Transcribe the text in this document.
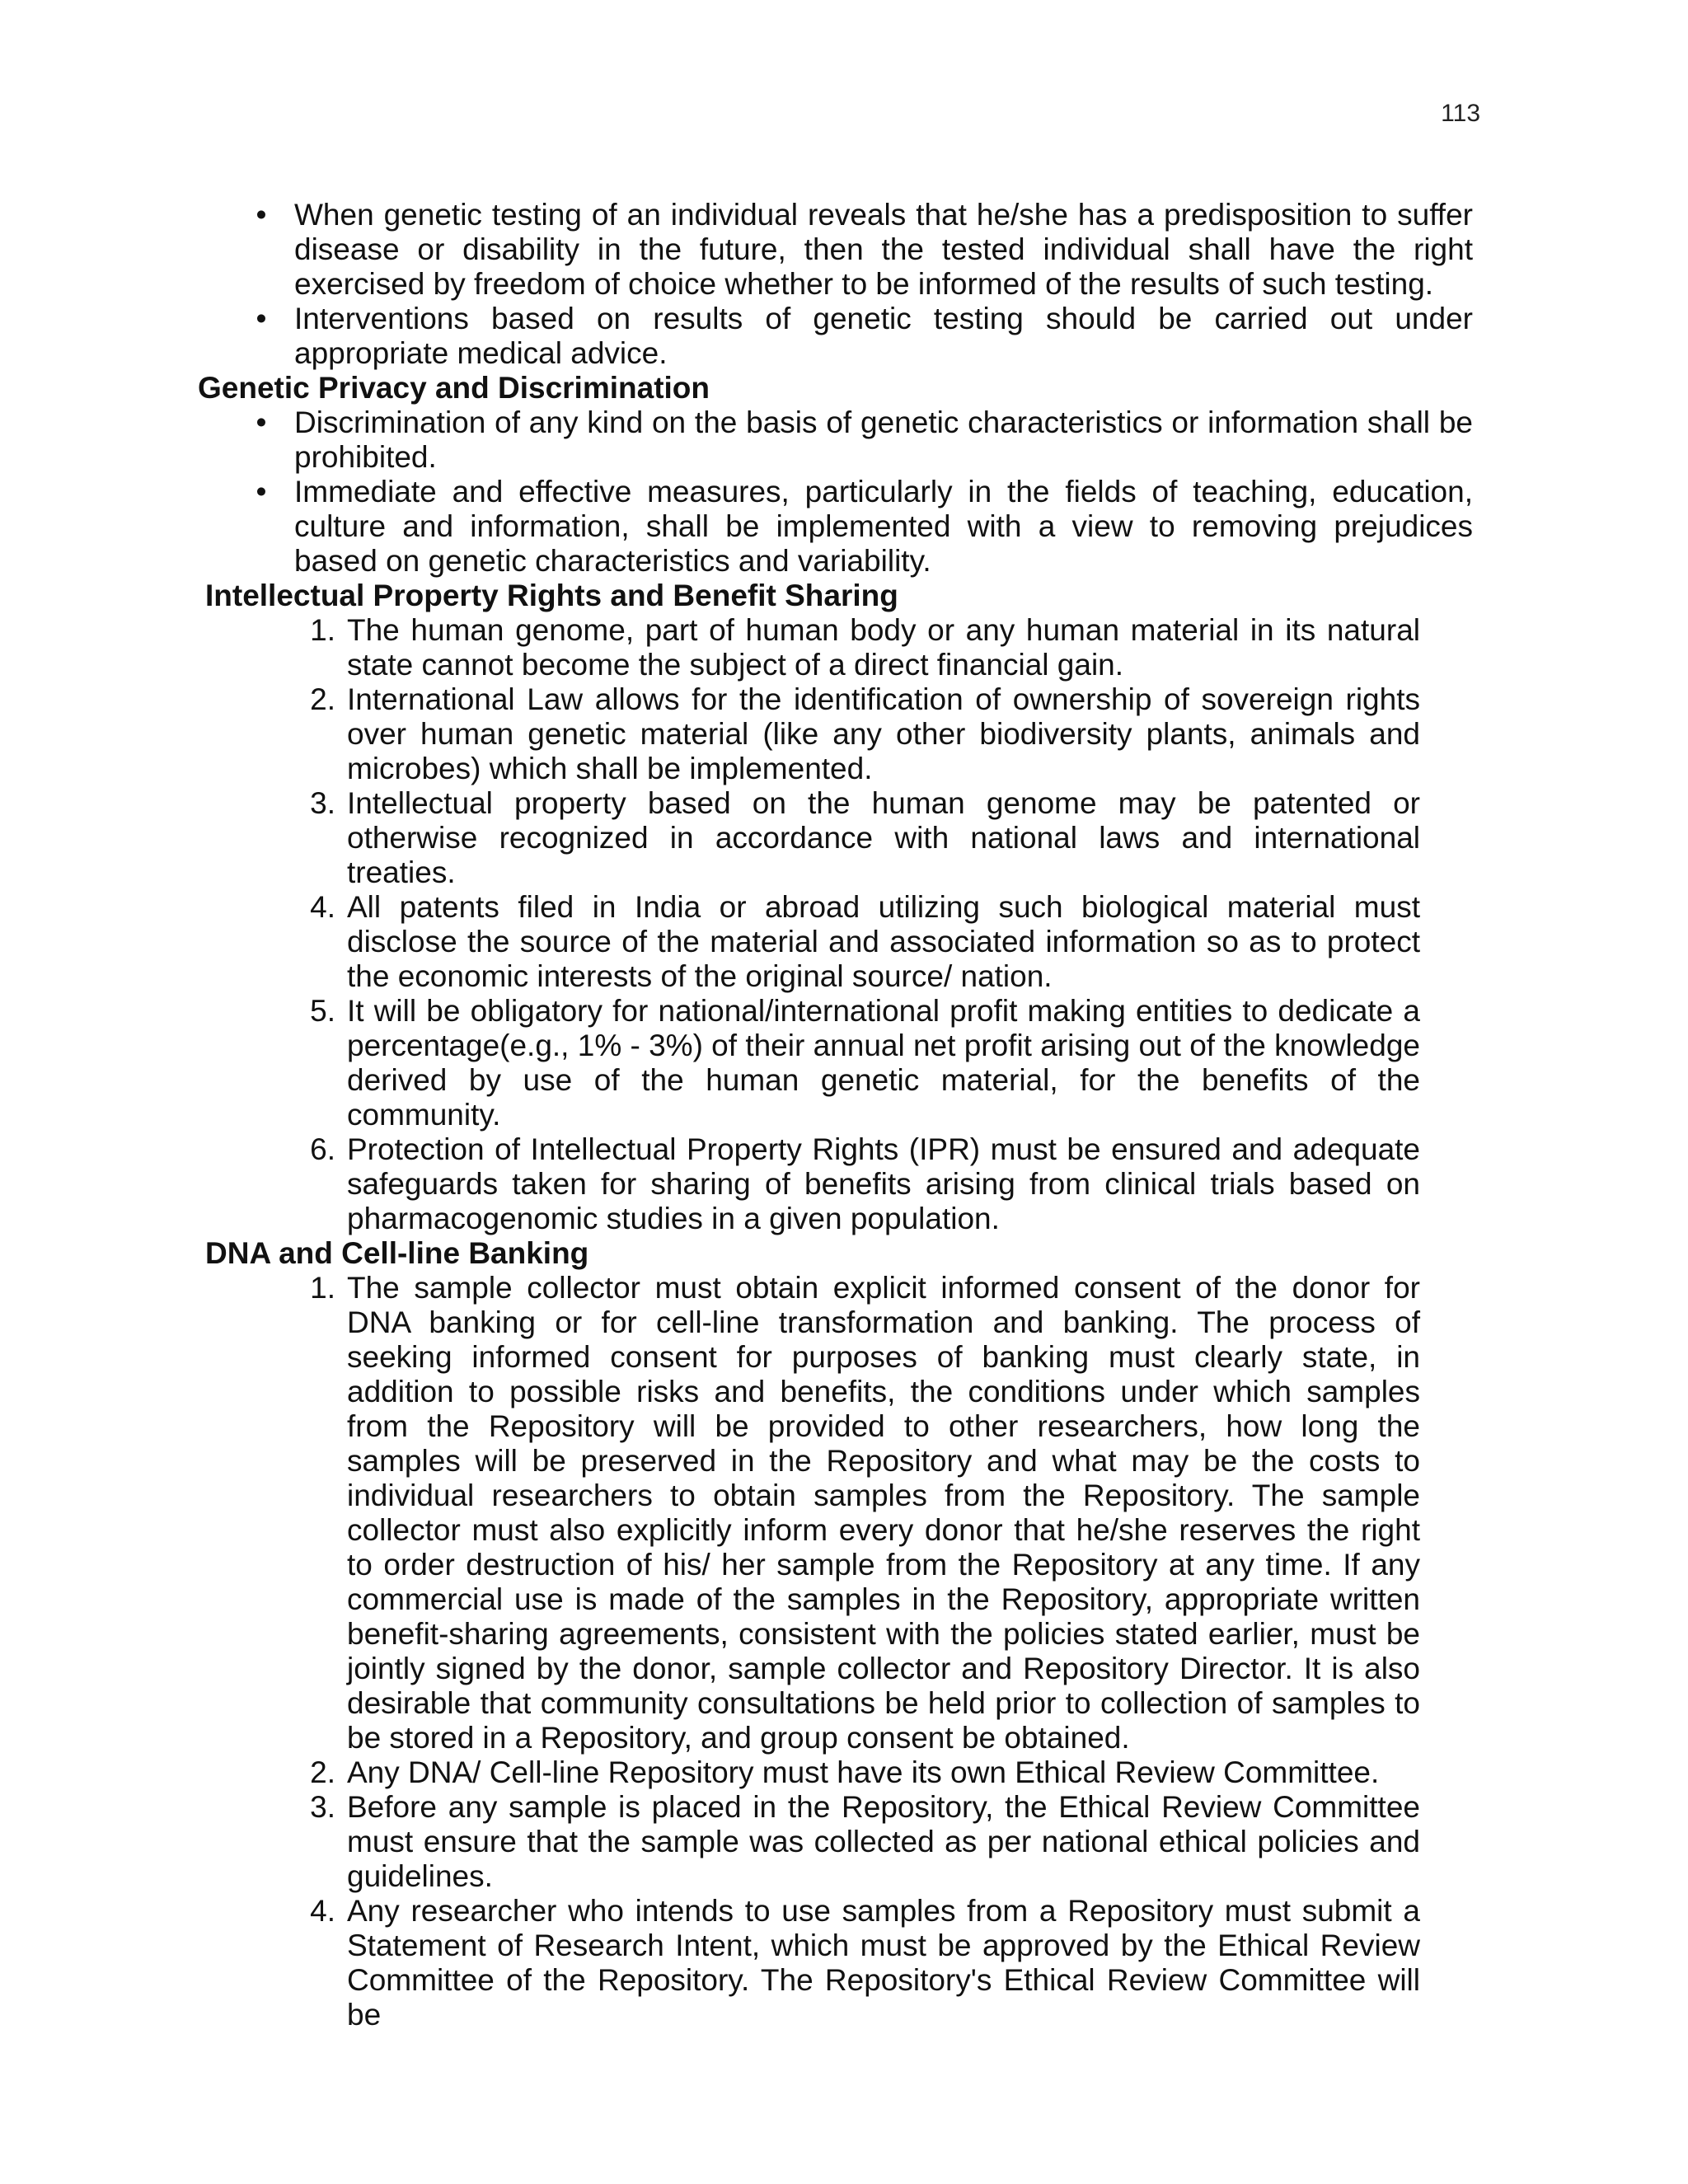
113
• When genetic testing of an individual reveals that he/she has a predisposition to suffer disease or disability in the future, then the tested individual shall have the right exercised by freedom of choice whether to be informed of the results of such testing.
• Interventions based on results of genetic testing should be carried out under appropriate medical advice.
Genetic Privacy and Discrimination
• Discrimination of any kind on the basis of genetic characteristics or information shall be prohibited.
• Immediate and effective measures, particularly in the fields of teaching, education, culture and information, shall be implemented with a view to removing prejudices based on genetic characteristics and variability.
Intellectual Property Rights and Benefit Sharing
1. The human genome, part of human body or any human material in its natural state cannot become the subject of a direct financial gain.
2. International Law allows for the identification of ownership of sovereign rights over human genetic material (like any other biodiversity plants, animals and microbes) which shall be implemented.
3. Intellectual property based on the human genome may be patented or otherwise recognized in accordance with national laws and international treaties.
4. All patents filed in India or abroad utilizing such biological material must disclose the source of the material and associated information so as to protect the economic interests of the original source/ nation.
5. It will be obligatory for national/international profit making entities to dedicate a percentage(e.g., 1% - 3%) of their annual net profit arising out of the knowledge derived by use of the human genetic material, for the benefits of the community.
6. Protection of Intellectual Property Rights (IPR) must be ensured and adequate safeguards taken for sharing of benefits arising from clinical trials based on pharmacogenomic studies in a given population.
DNA and Cell-line Banking
1. The sample collector must obtain explicit informed consent of the donor for DNA banking or for cell-line transformation and banking. The process of seeking informed consent for purposes of banking must clearly state, in addition to possible risks and benefits, the conditions under which samples from the Repository will be provided to other researchers, how long the samples will be preserved in the Repository and what may be the costs to individual researchers to obtain samples from the Repository. The sample collector must also explicitly inform every donor that he/she reserves the right to order destruction of his/ her sample from the Repository at any time. If any commercial use is made of the samples in the Repository, appropriate written benefit-sharing agreements, consistent with the policies stated earlier, must be jointly signed by the donor, sample collector and Repository Director. It is also desirable that community consultations be held prior to collection of samples to be stored in a Repository, and group consent be obtained.
2. Any DNA/ Cell-line Repository must have its own Ethical Review Committee.
3. Before any sample is placed in the Repository, the Ethical Review Committee must ensure that the sample was collected as per national ethical policies and guidelines.
4. Any researcher who intends to use samples from a Repository must submit a Statement of Research Intent, which must be approved by the Ethical Review Committee of the Repository. The Repository's Ethical Review Committee will be
